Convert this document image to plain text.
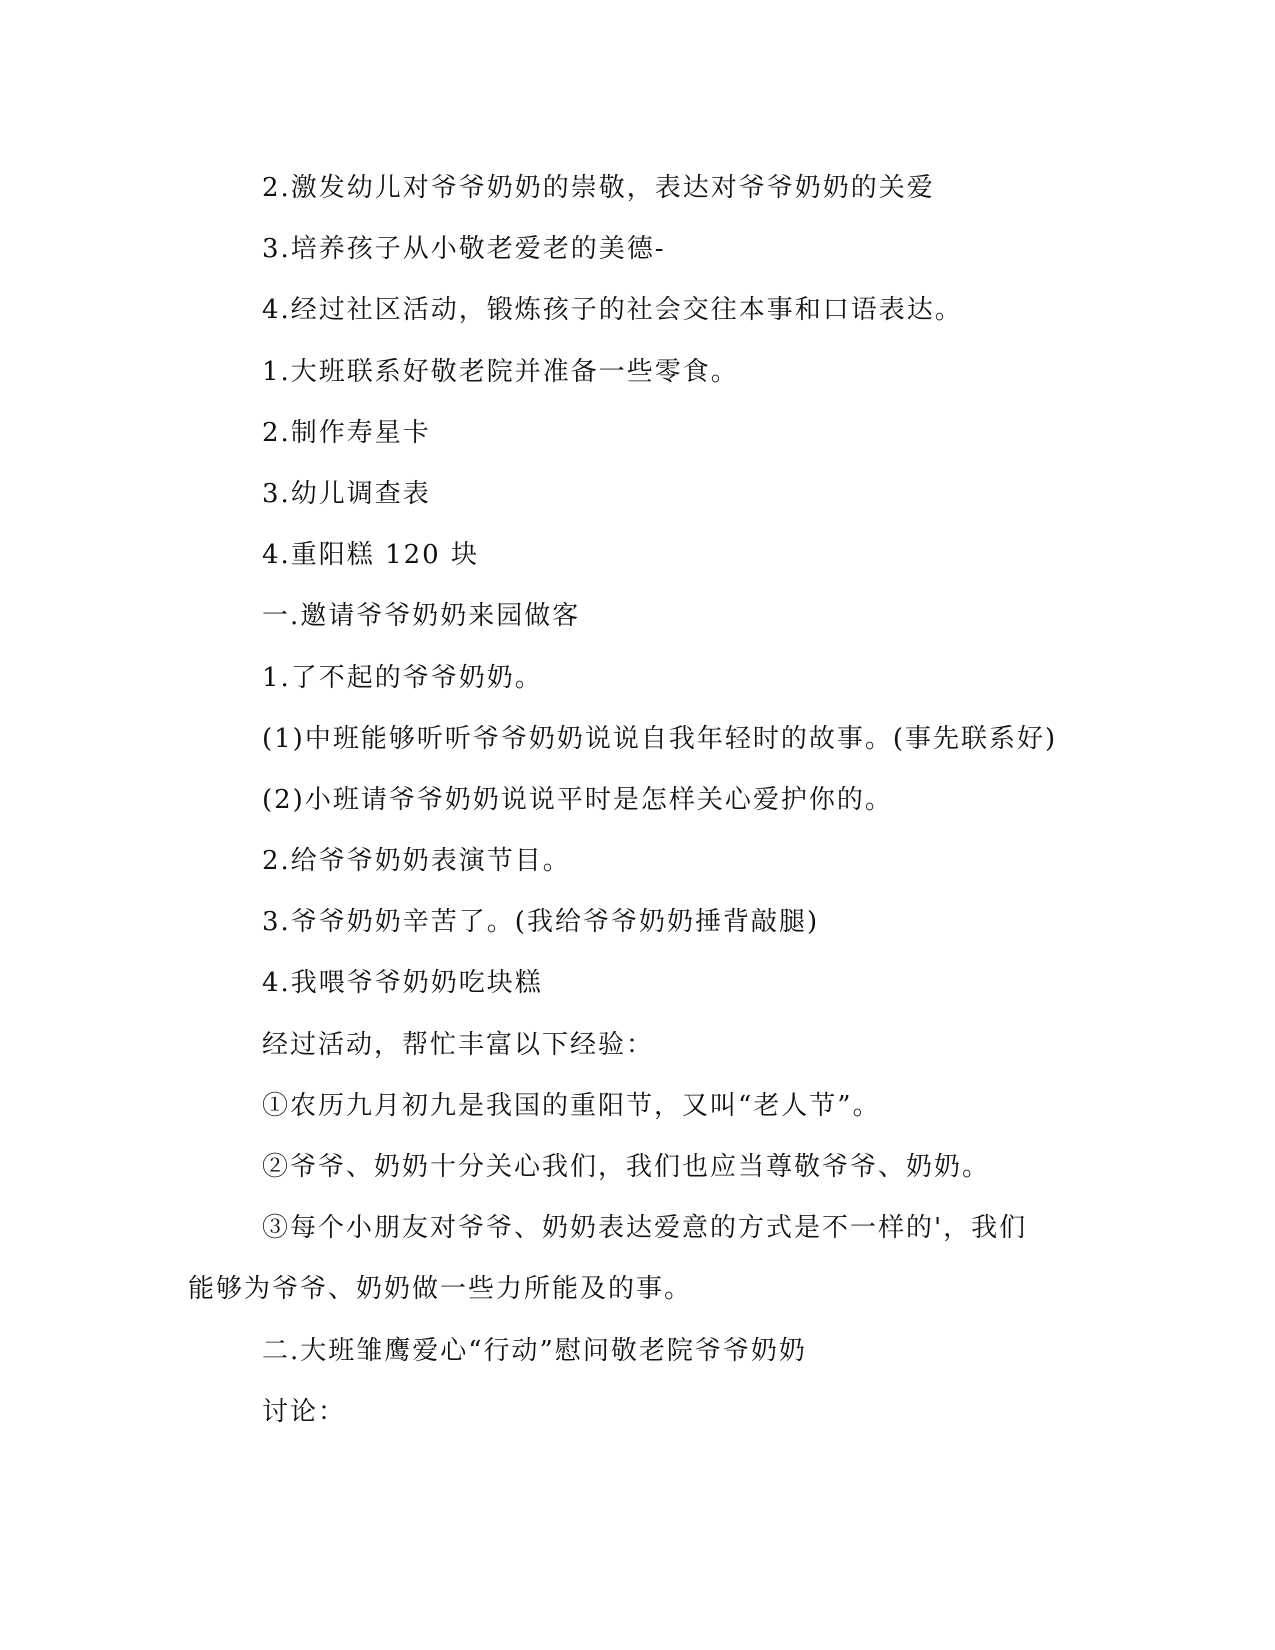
2.激发幼儿对爷爷奶奶的崇敬，表达对爷爷奶奶的关爱

3.培养孩子从小敬老爱老的美德-

4.经过社区活动，锻炼孩子的社会交往本事和口语表达。

1.大班联系好敬老院并准备一些零食。

2.制作寿星卡

3.幼儿调查表

4.重阳糕 120 块

一.邀请爷爷奶奶来园做客

1.了不起的爷爷奶奶。

(1)中班能够听听爷爷奶奶说说自我年轻时的故事。(事先联系好)

(2)小班请爷爷奶奶说说平时是怎样关心爱护你的。

2.给爷爷奶奶表演节目。

3.爷爷奶奶辛苦了。(我给爷爷奶奶捶背敲腿)

4.我喂爷爷奶奶吃块糕

经过活动，帮忙丰富以下经验：

①农历九月初九是我国的重阳节，又叫“老人节”。

②爷爷、奶奶十分关心我们，我们也应当尊敬爷爷、奶奶。

③每个小朋友对爷爷、奶奶表达爱意的方式是不一样的'，我们

能够为爷爷、奶奶做一些力所能及的事。

二.大班雏鹰爱心“行动”慰问敬老院爷爷奶奶

讨论：
